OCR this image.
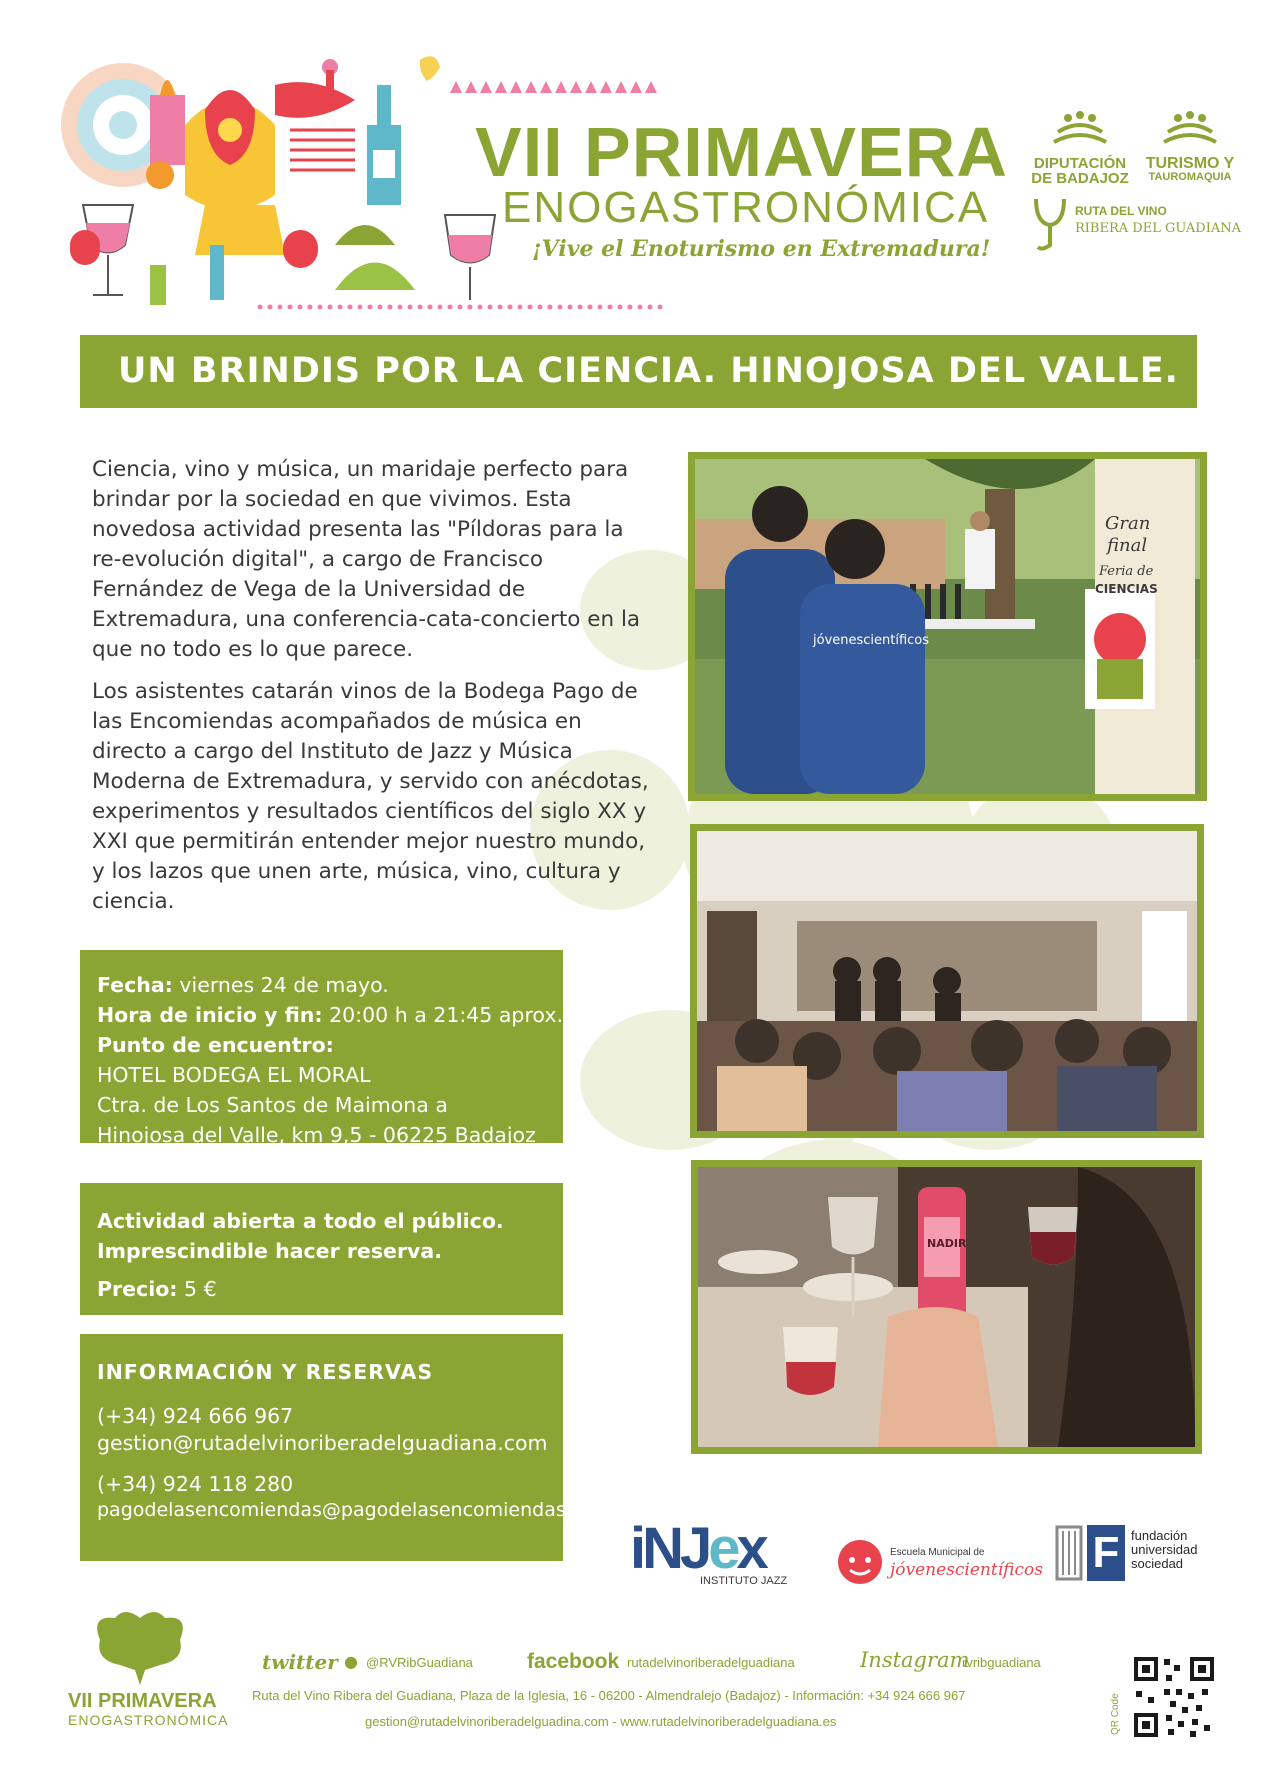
VII PRIMAVERA
ENOGASTRONÓMICA
¡Vive el Enoturismo en Extremadura!
DIPUTACIÓN
DE BADAJOZ
TURISMO Y
TAUROMAQUIA
RUTA DEL VINO
RIBERA DEL GUADIANA
UN BRINDIS POR LA CIENCIA. HINOJOSA DEL VALLE.

Ciencia, vino y música, un maridaje perfecto para brindar por la sociedad en que vivimos. Esta novedosa actividad presenta las "Píldoras para la re-evolución digital", a cargo de Francisco Fernández de Vega de la Universidad de Extremadura, una conferencia-cata-concierto en la que no todo es lo que parece.

Los asistentes catarán vinos de la Bodega Pago de las Encomiendas acompañados de música en directo a cargo del Instituto de Jazz y Música Moderna de Extremadura, y servido con anécdotas, experimentos y resultados científicos del siglo XX y XXI que permitirán entender mejor nuestro mundo, y los lazos que unen arte, música, vino, cultura y ciencia.

Fecha: viernes 24 de mayo.
Hora de inicio y fin: 20:00 h a 21:45 aprox.
Punto de encuentro:
HOTEL BODEGA EL MORAL
Ctra. de Los Santos de Maimona a
Hinojosa del Valle, km 9,5 - 06225 Badajoz
Actividad abierta a todo el público.
Imprescindible hacer reserva.
Precio: 5 €
INFORMACIÓN Y RESERVAS
(+34) 924 666 967
gestion@rutadelvinoriberadelguadiana.com
(+34) 924 118 280
pagodelasencomiendas@pagodelasencomiendas.es
jóvenescientíficos
Gran
final
Feria de
CIENCIAS
NADIR
iNJex
INSTITUTO JAZZ
Escuela Municipal de
jóvenescientíficos F fundación
universidad
sociedad
VII PRIMAVERA
ENOGASTRONÓMICA
twitter ● @RVRibGuadiana	facebook rutadelvinoriberadelguadiana	Instagram
rvribguadiana
Ruta del Vino Ribera del Guadiana, Plaza de la Iglesia, 16 - 06200 - Almendralejo (Badajoz) - Información: +34 924 666 967
gestion@rutadelvinoriberadelguadina.com - www.rutadelvinoriberadelguadiana.es	QR Code
